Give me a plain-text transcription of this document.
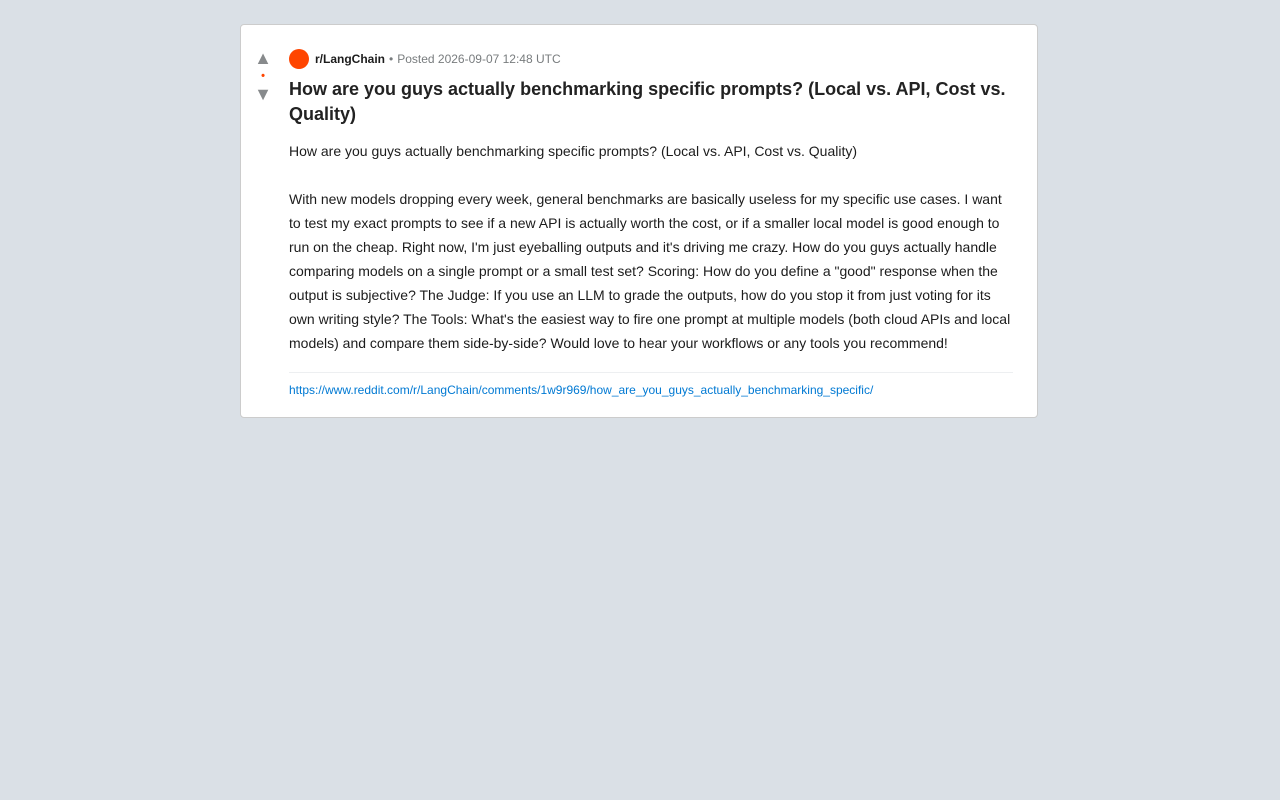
▲
•
▼
r/LangChain • Posted 2026-09-07 12:48 UTC
How are you guys actually benchmarking specific prompts? (Local vs. API, Cost vs. Quality)

How are you guys actually benchmarking specific prompts? (Local vs. API, Cost vs. Quality)

With new models dropping every week, general benchmarks are basically useless for my specific use cases. I want to test my exact prompts to see if a new API is actually worth the cost, or if a smaller local model is good enough to run on the cheap. Right now, I'm just eyeballing outputs and it's driving me crazy. How do you guys actually handle comparing models on a single prompt or a small test set? Scoring: How do you define a "good" response when the output is subjective? The Judge: If you use an LLM to grade the outputs, how do you stop it from just voting for its own writing style? The Tools: What's the easiest way to fire one prompt at multiple models (both cloud APIs and local models) and compare them side-by-side? Would love to hear your workflows or any tools you recommend!

https://www.reddit.com/r/LangChain/comments/1w9r969/how_are_you_guys_actually_benchmarking_specific/
